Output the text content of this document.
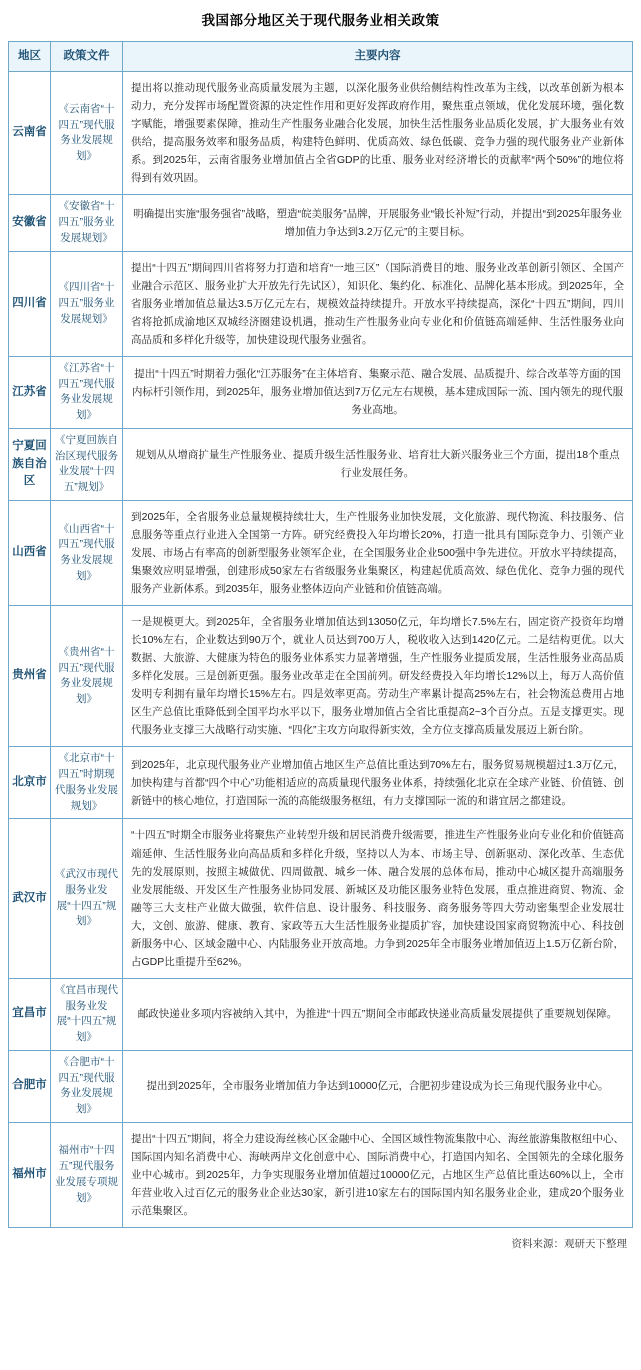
我国部分地区关于现代服务业相关政策
地区	政策文件	主要内容
云南省	《云南省“十四五”现代服务业发展规划》	提出将以推动现代服务业高质量发展为主题，以深化服务业供给侧结构性改革为主线，以改革创新为根本动力，充分发挥市场配置资源的决定性作用和更好发挥政府作用，聚焦重点领域，优化发展环境，强化数字赋能，增强要素保障，推动生产性服务业融合化发展，加快生活性服务业品质化发展，扩大服务业有效供给，提高服务效率和服务品质，构建特色鲜明、优质高效、绿色低碳、竞争力强的现代服务业产业新体系。到2025年，云南省服务业增加值占全省GDP的比重、服务业对经济增长的贡献率“两个50%”的地位将得到有效巩固。
安徽省	《安徽省“十四五”服务业发展规划》	明确提出实施“服务强省”战略，塑造“皖美服务”品牌，开展服务业“锻长补短”行动，并提出“到2025年服务业增加值力争达到3.2万亿元”的主要目标。
四川省	《四川省“十四五”服务业发展规划》	提出“十四五”期间四川省将努力打造和培育“一地三区”（国际消费目的地、服务业改革创新引领区、全国产业融合示范区、服务业扩大开放先行先试区），知识化、集约化、标准化、品牌化基本形成。到2025年，全省服务业增加值总量达3.5万亿元左右，规模效益持续提升。开放水平持续提高，深化“十四五”期间，四川省将抢抓成渝地区双城经济圈建设机遇，推动生产性服务业向专业化和价值链高端延伸、生活性服务业向高品质和多样化升级等，加快建设现代服务业强省。
江苏省	《江苏省“十四五”现代服务业发展规划》	提出“十四五”时期着力强化“江苏服务”在主体培育、集聚示范、融合发展、品质提升、综合改革等方面的国内标杆引领作用，到2025年，服务业增加值达到7万亿元左右规模，基本建成国际一流、国内领先的现代服务业高地。
宁夏回族自治区	《宁夏回族自治区现代服务业发展“十四五”规划》	规划从从增商扩量生产性服务业、提质升级生活性服务业、培育壮大新兴服务业三个方面，提出18个重点行业发展任务。
山西省	《山西省“十四五”现代服务业发展规划》	到2025年，全省服务业总量规模持续壮大，生产性服务业加快发展，文化旅游、现代物流、科技服务、信息服务等重点行业进入全国第一方阵。研究经费投入年均增长20%，打造一批具有国际竞争力、引领产业发展、市场占有率高的创新型服务业领军企业，在全国服务业企业500强中争先进位。开放水平持续提高，集聚效应明显增强，创建形成50家左右省级服务业集聚区，构建起优质高效、绿色优化、竞争力强的现代服务产业新体系。到2035年，服务业整体迈向产业链和价值链高端。
贵州省	《贵州省“十四五”现代服务业发展规划》	一是规模更大。到2025年，全省服务业增加值达到13050亿元，年均增长7.5%左右，固定资产投资年均增长10%左右，企业数达到90万个，就业人员达到700万人，税收收入达到1420亿元。二是结构更优。以大数据、大旅游、大健康为特色的服务业体系实力显著增强，生产性服务业提质发展，生活性服务业高品质多样化发展。三是创新更强。服务业改革走在全国前列。研发经费投入年均增长12%以上，每万人高价值发明专利拥有量年均增长15%左右。四是效率更高。劳动生产率累计提高25%左右，社会物流总费用占地区生产总值比重降低到全国平均水平以下，服务业增加值占全省比重提高2~3个百分点。五是支撑更实。现代服务业支撑三大战略行动实施、“四化”主攻方向取得新实效，全方位支撑高质量发展迈上新台阶。
北京市	《北京市“十四五”时期现代服务业发展规划》	到2025年，北京现代服务业产业增加值占地区生产总值比重达到70%左右，服务贸易规模超过1.3万亿元，加快构建与首都“四个中心”功能相适应的高质量现代服务业体系，持续强化北京在全球产业链、价值链、创新链中的核心地位，打造国际一流的高能级服务枢纽，有力支撑国际一流的和谐宜居之都建设。
武汉市	《武汉市现代服务业发展“十四五”规划》	“十四五”时期全市服务业将聚焦产业转型升级和居民消费升级需要，推进生产性服务业向专业化和价值链高端延伸、生活性服务业向高品质和多样化升级，坚持以人为本、市场主导、创新驱动、深化改革、生态优先的发展原则，按照主城做优、四周做靓、城乡一体、融合发展的总体布局，推动中心城区提升高端服务业发展能级、开发区生产性服务业协同发展、新城区及功能区服务业特色发展，重点推进商贸、物流、金融等三大支柱产业做大做强，软件信息、设计服务、科技服务、商务服务等四大劳动密集型企业发展壮大，文创、旅游、健康、教育、家政等五大生活性服务业提质扩容，加快建设国家商贸物流中心、科技创新服务中心、区域金融中心、内陆服务业开放高地。力争到2025年全市服务业增加值迈上1.5万亿新台阶，占GDP比重提升至62%。
宜昌市	《宜昌市现代服务业发展“十四五”规划》	邮政快递业多项内容被纳入其中，为推进“十四五”期间全市邮政快递业高质量发展提供了重要规划保障。
合肥市	《合肥市“十四五”现代服务业发展规划》	提出到2025年，全市服务业增加值力争达到10000亿元，合肥初步建设成为长三角现代服务业中心。
福州市	福州市“十四五”现代服务业发展专项规划》	提出“十四五”期间，将全力建设海丝核心区金融中心、全国区域性物流集散中心、海丝旅游集散枢纽中心、国际国内知名消费中心、海峡两岸文化创意中心、国际消费中心，打造国内知名、全国领先的全球化服务业中心城市。到2025年，力争实现服务业增加值超过10000亿元，占地区生产总值比重达60%以上，全市年营业收入过百亿元的服务业企业达30家，新引进10家左右的国际国内知名服务业企业，建成20个服务业示范集聚区。
资料来源：观研天下整理
